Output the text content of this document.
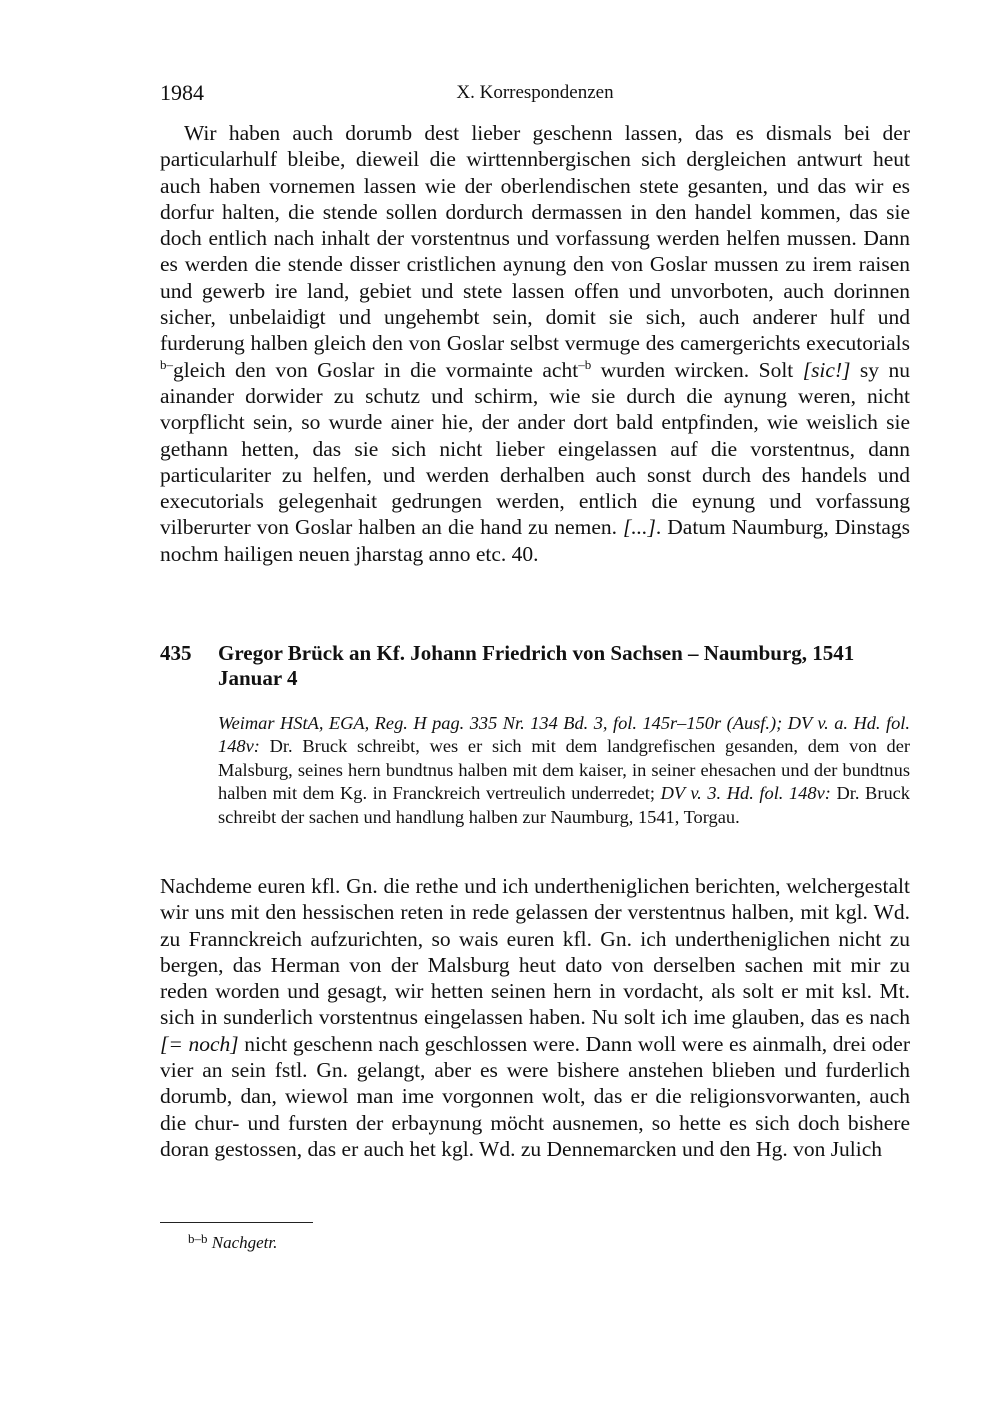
1984	X. Korrespondenzen

Wir haben auch dorumb dest lieber geschenn lassen, das es dismals bei der particularhulf bleibe, dieweil die wirttennbergischen sich dergleichen antwurt heut auch haben vornemen lassen wie der oberlendischen stete gesanten, und das wir es dorfur halten, die stende sollen dordurch dermassen in den handel kommen, das sie doch entlich nach inhalt der vorstentnus und vorfassung werden helfen mussen. Dann es werden die stende disser cristlichen aynung den von Goslar mussen zu irem raisen und gewerb ire land, gebiet und stete lassen offen und unvorboten, auch dorinnen sicher, unbelaidigt und ungehembt sein, domit sie sich, auch anderer hulf und furderung halben gleich den von Goslar selbst vermuge des camergerichts executorials $^{b-}$gleich den von Goslar in die vormainte acht$^{-b}$ wurden wircken. Solt [sic!] sy nu ainander dorwider zu schutz und schirm, wie sie durch die aynung weren, nicht vorpflicht sein, so wurde ainer hie, der ander dort bald entpfinden, wie weislich sie gethann hetten, das sie sich nicht lieber eingelassen auf die vorstentnus, dann particulariter zu helfen, und werden derhalben auch sonst durch des handels und executorials gelegenhait gedrungen werden, entlich die eynung und vorfassung vilberurter von Goslar halben an die hand zu nemen. [...]. Datum Naumburg, Dinstags nochm hailigen neuen jharstag anno etc. 40.

435 Gregor Brück an Kf. Johann Friedrich von Sachsen – Naumburg, 1541 Januar 4

Weimar HStA, EGA, Reg. H pag. 335 Nr. 134 Bd. 3, fol. 145r–150r (Ausf.); DV v. a. Hd. fol. 148v: Dr. Bruck schreibt, wes er sich mit dem landgrefischen gesanden, dem von der Malsburg, seines hern bundtnus halben mit dem kaiser, in seiner ehesachen und der bundtnus halben mit dem Kg. in Franckreich vertreulich underredet; DV v. 3. Hd. fol. 148v: Dr. Bruck schreibt der sachen und handlung halben zur Naumburg, 1541, Torgau.

Nachdeme euren kfl. Gn. die rethe und ich undertheniglichen berichten, welchergestalt wir uns mit den hessischen reten in rede gelassen der verstentnus halben, mit kgl. Wd. zu Frannckreich aufzurichten, so wais euren kfl. Gn. ich undertheniglichen nicht zu bergen, das Herman von der Malsburg heut dato von derselben sachen mit mir zu reden worden und gesagt, wir hetten seinen hern in vordacht, als solt er mit ksl. Mt. sich in sunderlich vorstentnus eingelassen haben. Nu solt ich ime glauben, das es nach [= noch] nicht geschenn nach geschlossen were. Dann woll were es ainmalh, drei oder vier an sein fstl. Gn. gelangt, aber es were bishere anstehen blieben und furderlich dorumb, dan, wiewol man ime vorgonnen wolt, das er die religionsvorwanten, auch die chur- und fursten der erbaynung möcht ausnemen, so hette es sich doch bishere doran gestossen, das er auch het kgl. Wd. zu Dennemarcken und den Hg. von Julich

$^{b-b}$ Nachgetr.
